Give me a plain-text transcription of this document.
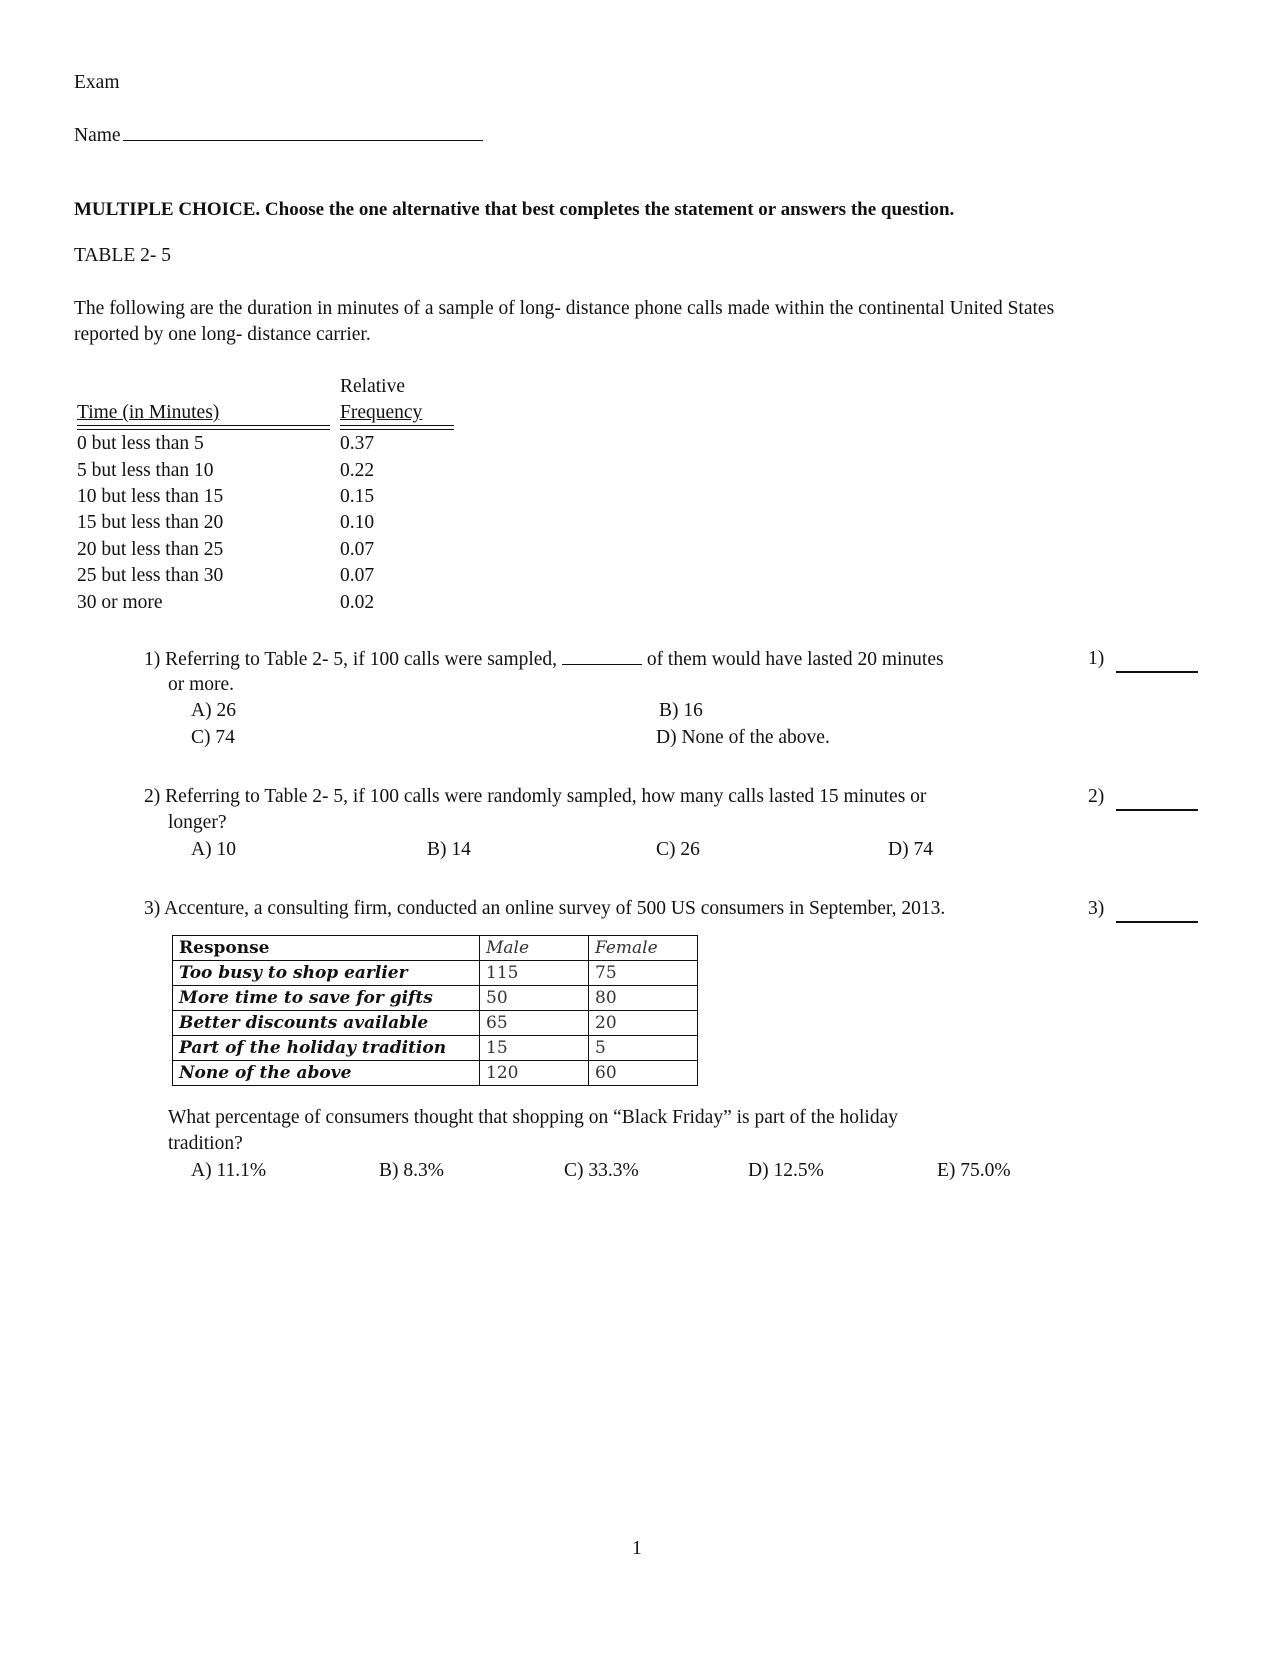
Exam
Name
MULTIPLE CHOICE. Choose the one alternative that best completes the statement or answers the question.
TABLE 2- 5
The following are the duration in minutes of a sample of long- distance phone calls made within the continental United States
reported by one long- distance carrier.
Relative
Time (in Minutes)	Frequency
0 but less than 5	0.37
5 but less than 10	0.22
10 but less than 15	0.15
15 but less than 20	0.10
20 but less than 25	0.07
25 but less than 30	0.07
30 or more	0.02
1) Referring to Table 2- 5, if 100 calls were sampled,	of them would have lasted 20 minutes
or more.
1)
A) 26	B) 16
C) 74	D) None of the above.
2) Referring to Table 2- 5, if 100 calls were randomly sampled, how many calls lasted 15 minutes or
longer?
2)
A) 10	B) 14	C) 26	D) 74
3) Accenture, a consulting firm, conducted an online survey of 500 US consumers in September, 2013.	3)
Response	Male	Female
Too busy to shop earlier	115	75
More time to save for gifts	50	80
Better discounts available	65	20
Part of the holiday tradition	15	5
None of the above	120	60
What percentage of consumers thought that shopping on “Black Friday” is part of the holiday
tradition?
A) 11.1%	B) 8.3%	C) 33.3%	D) 12.5%	E) 75.0%
1
